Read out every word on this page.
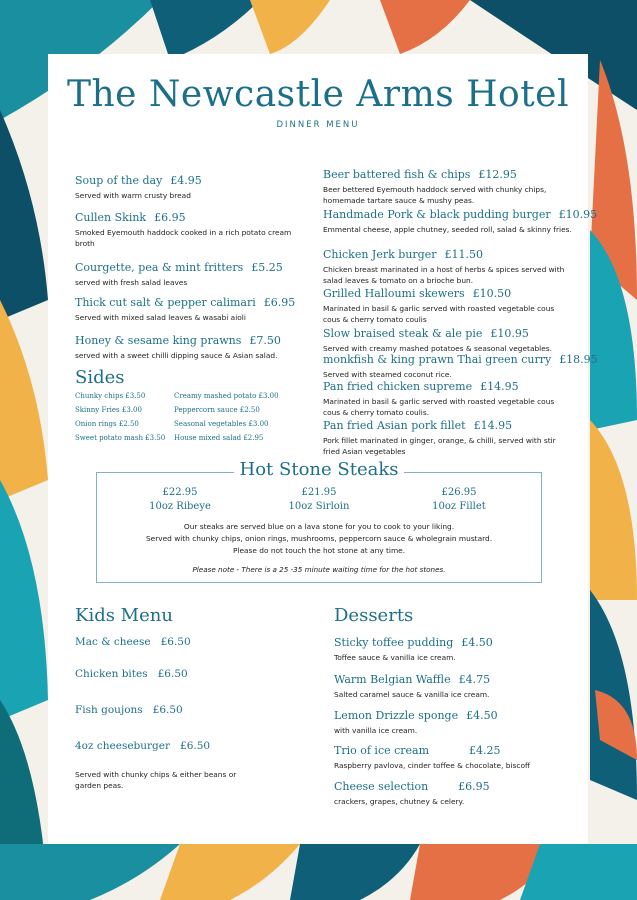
The Newcastle Arms Hotel
DINNER MENU
Soup of the day £4.95
Served with warm crusty bread
Cullen Skink £6.95
Smoked Eyemouth haddock cooked in a rich potato cream broth
Courgette, pea & mint fritters £5.25
served with fresh salad leaves
Thick cut salt & pepper calimari £6.95
Served with mixed salad leaves & wasabi aioli
Honey & sesame king prawns £7.50
served with a sweet chilli dipping sauce & Asian salad.
Sides
Chunky chips £3.50
Skinny Fries £3.00
Onion rings £2.50
Sweet potato mash £3.50
Creamy mashed potato £3.00
Peppercorn sauce £2.50
Seasonal vegetables £3.00
House mixed salad £2.95
Beer battered fish & chips £12.95
Beer bettered Eyemouth haddock served with chunky chips, homemade tartare sauce & mushy peas.
Handmade Pork & black pudding burger £10.95
Emmental cheese, apple chutney, seeded roll, salad & skinny fries.
Chicken Jerk burger £11.50
Chicken breast marinated in a host of herbs & spices served with salad leaves & tomato on a brioche bun.
Grilled Halloumi skewers £10.50
Marinated in basil & garlic served with roasted vegetable cous cous & cherry tomato coulis
Slow braised steak & ale pie £10.95
Served with creamy mashed potatoes & seasonal vegetables.
monkfish & king prawn Thai green curry £18.95
Served with steamed coconut rice.
Pan fried chicken supreme £14.95
Marinated in basil & garlic served with roasted vegetable cous cous & cherry tomato coulis.
Pan fried Asian pork fillet £14.95
Pork fillet marinated in ginger, orange, & chilli, served with stir fried Asian vegetables
Hot Stone Steaks
£22.95
10oz Ribeye
£21.95
10oz Sirloin
£26.95
10oz Fillet
Our steaks are served blue on a lava stone for you to cook to your liking.
Served with chunky chips, onion rings, mushrooms, peppercorn sauce & wholegrain mustard.
Please do not touch the hot stone at any time.
Please note - There is a 25 -35 minute waiting time for the hot stones.
Kids Menu
Mac & cheese £6.50
Chicken bites £6.50
Fish goujons £6.50
4oz cheeseburger £6.50
Served with chunky chips & either beans or garden peas.
Desserts
Sticky toffee pudding £4.50
Toffee sauce & vanilla ice cream.
Warm Belgian Waffle £4.75
Salted caramel sauce & vanilla ice cream.
Lemon Drizzle sponge £4.50
with vanilla ice cream.
Trio of ice cream	£4.25
Raspberry pavlova, cinder toffee & chocolate, biscoff
Cheese selection	£6.95
crackers, grapes, chutney & celery.
